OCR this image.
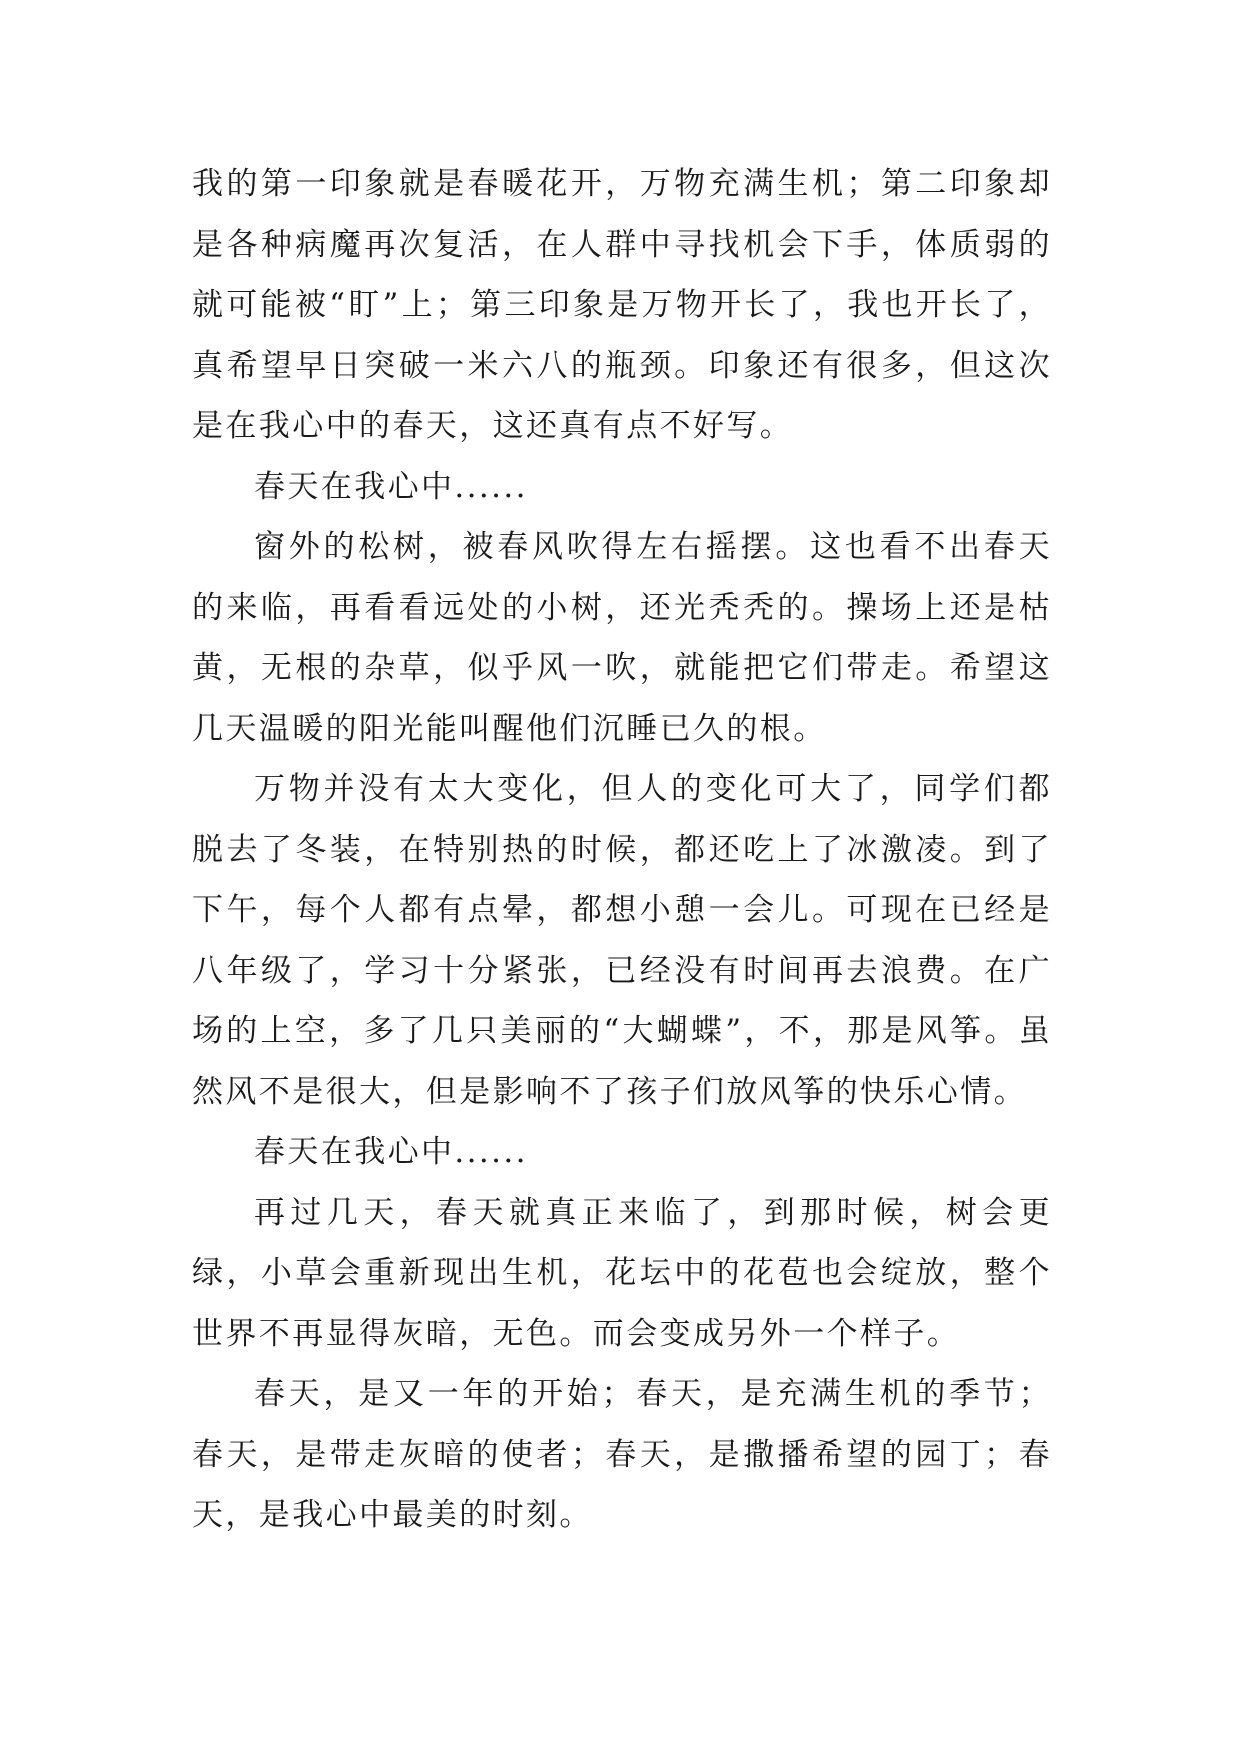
我的第一印象就是春暖花开，万物充满生机；第二印象却是各种病魔再次复活，在人群中寻找机会下手，体质弱的就可能被“盯”上；第三印象是万物开长了，我也开长了，真希望早日突破一米六八的瓶颈。印象还有很多，但这次是在我心中的春天，这还真有点不好写。

春天在我心中......

窗外的松树，被春风吹得左右摇摆。这也看不出春天的来临，再看看远处的小树，还光秃秃的。操场上还是枯黄，无根的杂草，似乎风一吹，就能把它们带走。希望这几天温暖的阳光能叫醒他们沉睡已久的根。

万物并没有太大变化，但人的变化可大了，同学们都脱去了冬装，在特别热的时候，都还吃上了冰激凌。到了下午，每个人都有点晕，都想小憩一会儿。可现在已经是八年级了，学习十分紧张，已经没有时间再去浪费。在广场的上空，多了几只美丽的“大蝴蝶”，不，那是风筝。虽然风不是很大，但是影响不了孩子们放风筝的快乐心情。

春天在我心中......

再过几天，春天就真正来临了，到那时候，树会更绿，小草会重新现出生机，花坛中的花苞也会绽放，整个世界不再显得灰暗，无色。而会变成另外一个样子。

春天，是又一年的开始；春天，是充满生机的季节；春天，是带走灰暗的使者；春天，是撒播希望的园丁；春天，是我心中最美的时刻。
